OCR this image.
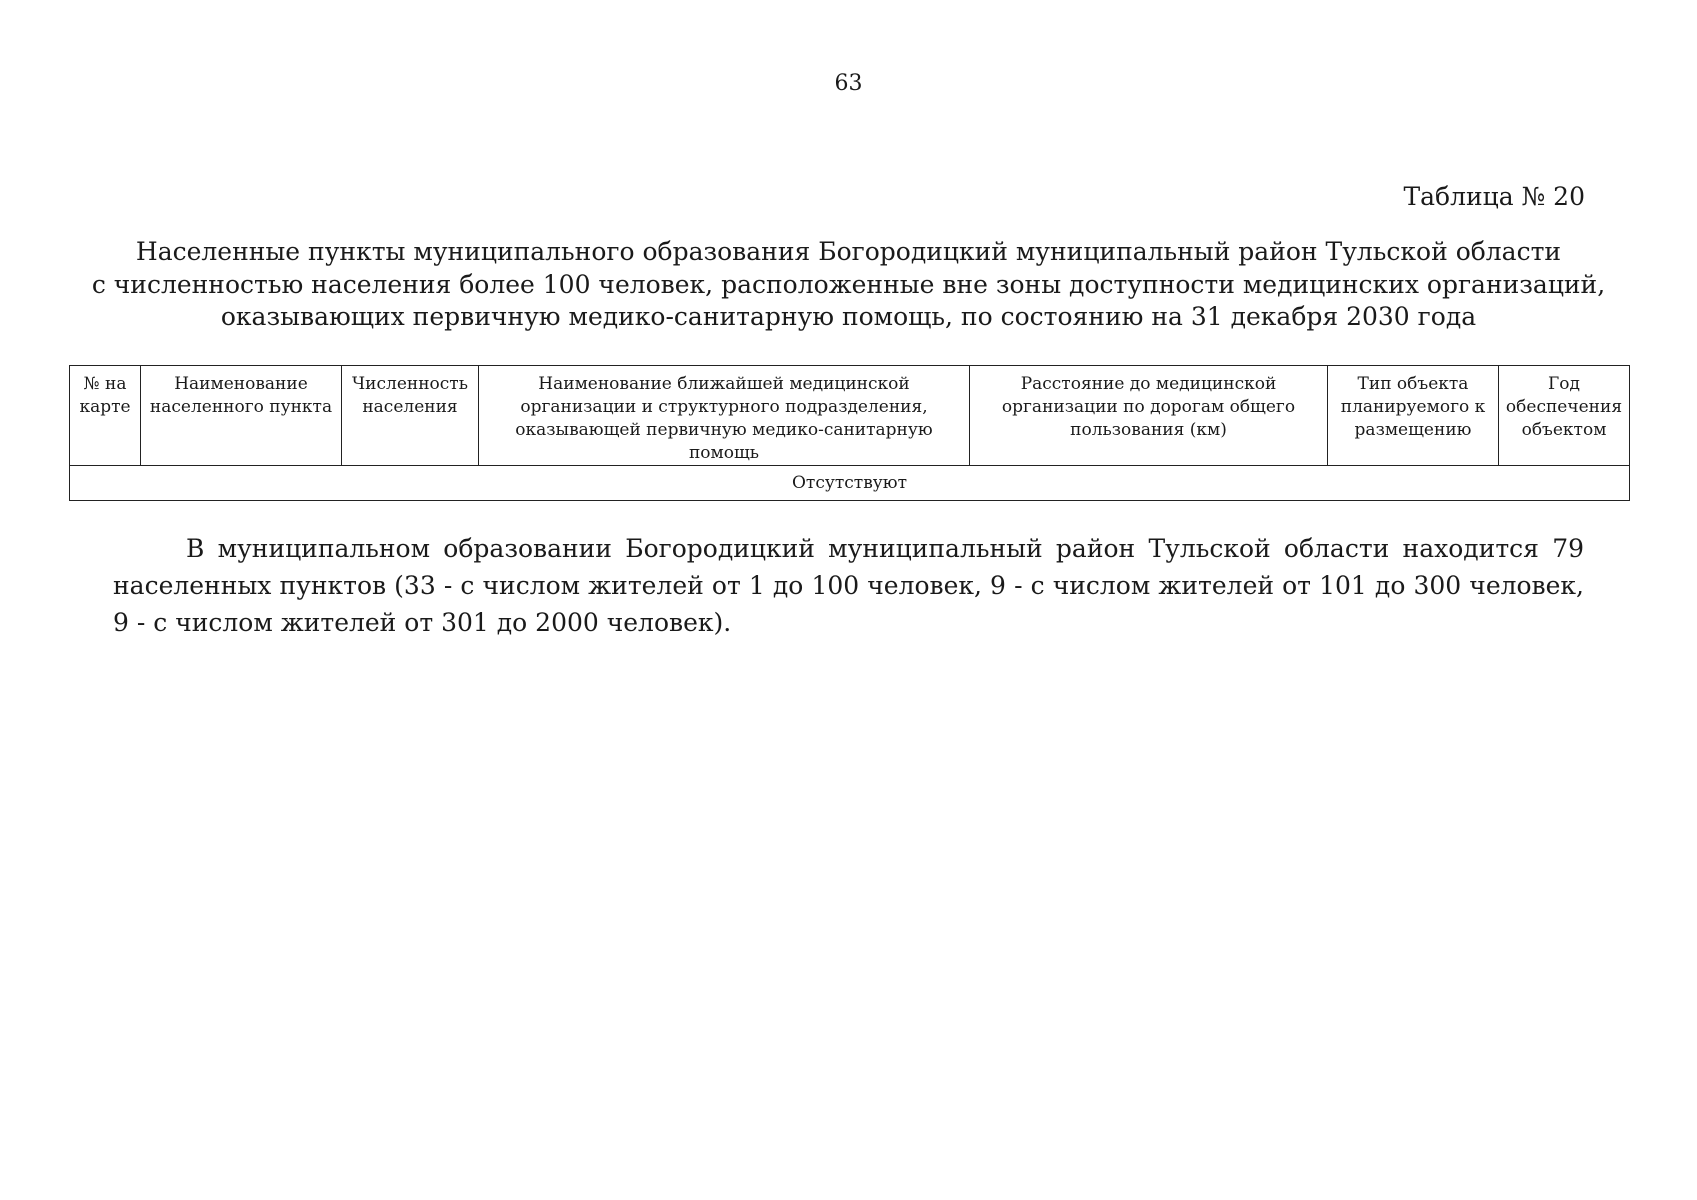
63
Таблица № 20
Населенные пункты муниципального образования Богородицкий муниципальный район Тульской области
с численностью населения более 100 человек, расположенные вне зоны доступности медицинских организаций,
оказывающих первичную медико-санитарную помощь, по состоянию на 31 декабря 2030 года
№ на карте	Наименование населенного пункта	Численность населения	Наименование ближайшей медицинской организации и структурного подразделения, оказывающей первичную медико-санитарную помощь	Расстояние до медицинской организации по дорогам общего пользования (км)	Тип объекта планируемого к размещению	Год обеспечения объектом
Отсутствуют

В муниципальном образовании Богородицкий муниципальный район Тульской области находится 79 населенных пунктов (33 - с числом жителей от 1 до 100 человек, 9 - с числом жителей от 101 до 300 человек, 9 - с числом жителей от 301 до 2000 человек).
